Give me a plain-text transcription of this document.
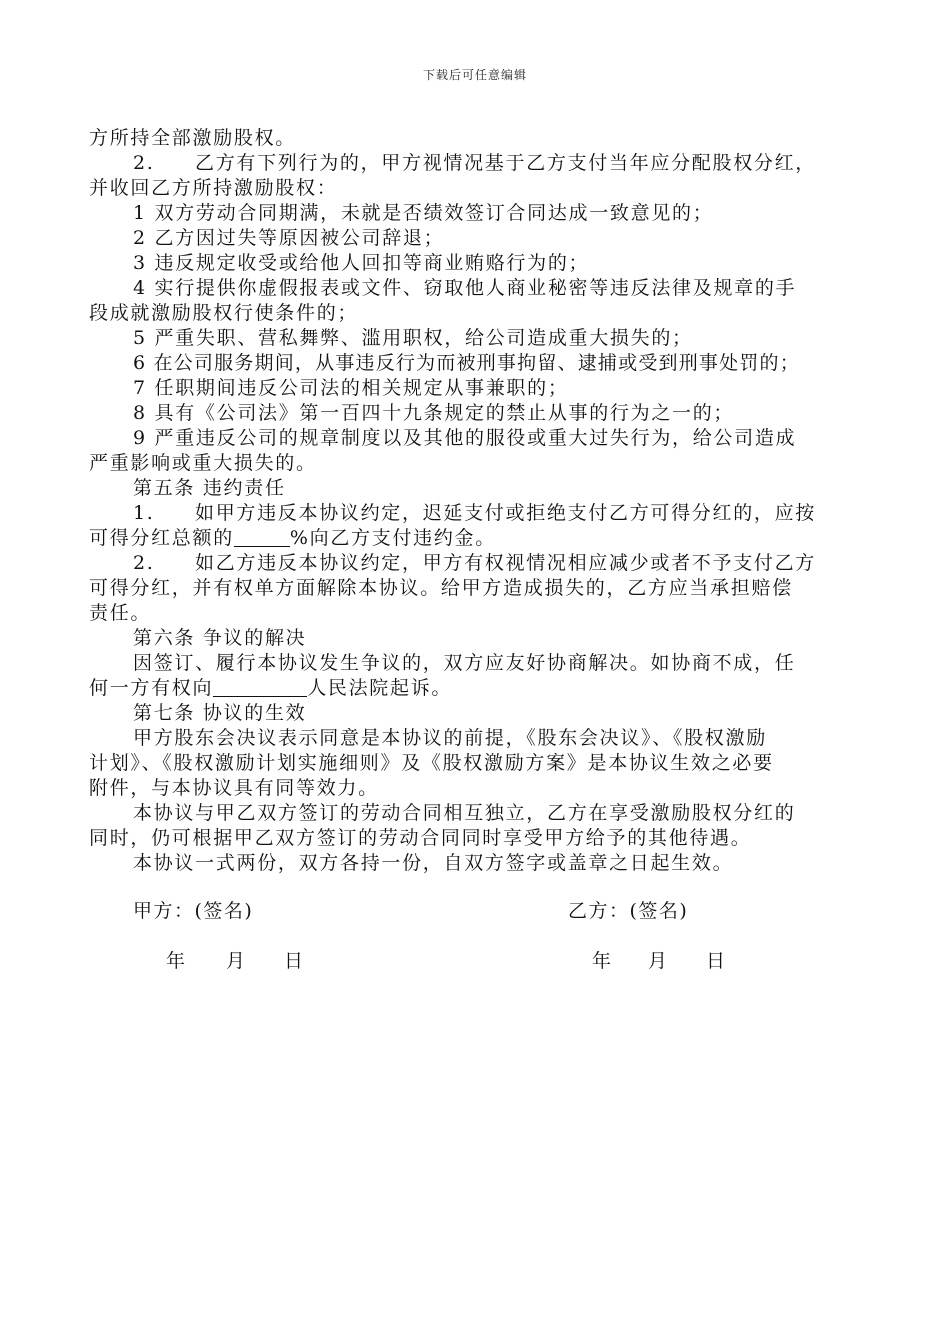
下载后可任意编辑
方所持全部激励股权。
2. 乙方有下列行为的，甲方视情况基于乙方支付当年应分配股权分红，
并收回乙方所持激励股权：
1 双方劳动合同期满，未就是否绩效签订合同达成一致意见的；
2 乙方因过失等原因被公司辞退；
3 违反规定收受或给他人回扣等商业贿赂行为的；
4 实行提供你虚假报表或文件、窃取他人商业秘密等违反法律及规章的手
段成就激励股权行使条件的；
5 严重失职、营私舞弊、滥用职权，给公司造成重大损失的；
6 在公司服务期间，从事违反行为而被刑事拘留、逮捕或受到刑事处罚的；
7 任职期间违反公司法的相关规定从事兼职的；
8 具有《公司法》第一百四十九条规定的禁止从事的行为之一的；
9 严重违反公司的规章制度以及其他的服役或重大过失行为，给公司造成
严重影响或重大损失的。
第五条 违约责任
1. 如甲方违反本协议约定，迟延支付或拒绝支付乙方可得分红的，应按
可得分红总额的	%向乙方支付违约金。
2. 如乙方违反本协议约定，甲方有权视情况相应减少或者不予支付乙方
可得分红，并有权单方面解除本协议。给甲方造成损失的，乙方应当承担赔偿
责任。
第六条 争议的解决
因签订、履行本协议发生争议的，双方应友好协商解决。如协商不成，任
何一方有权向	人民法院起诉。
第七条 协议的生效
甲方股东会决议表示同意是本协议的前提，《股东会决议》、《股权激励
计划》、《股权激励计划实施细则》及《股权激励方案》是本协议生效之必要
附件，与本协议具有同等效力。
本协议与甲乙双方签订的劳动合同相互独立，乙方在享受激励股权分红的
同时，仍可根据甲乙双方签订的劳动合同同时享受甲方给予的其他待遇。
本协议一式两份，双方各持一份，自双方签字或盖章之日起生效。
甲方：(签名)	乙方：(签名)
年 月 日	年 月 日
